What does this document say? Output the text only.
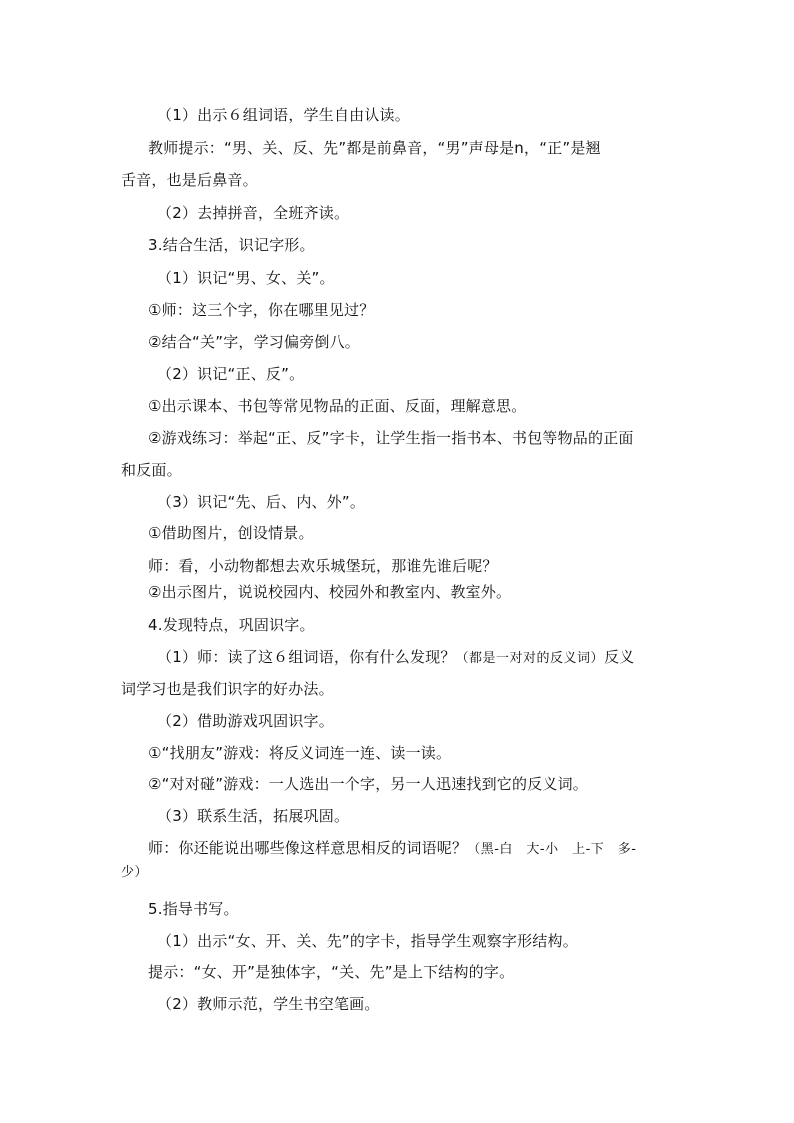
（1）出示６组词语，学生自由认读。
教师提示：“男、关、反、先”都是前鼻音，“男”声母是n，“正”是翘
舌音，也是后鼻音。
（2）去掉拼音，全班齐读。
3.结合生活，识记字形。
（1）识记“男、女、关”。
①师：这三个字，你在哪里见过？
②结合“关”字，学习偏旁倒八。
（2）识记“正、反”。
①出示课本、书包等常见物品的正面、反面，理解意思。
②游戏练习：举起“正、反”字卡，让学生指一指书本、书包等物品的正面
和反面。
（3）识记“先、后、内、外”。
①借助图片，创设情景。
师：看，小动物都想去欢乐城堡玩，那谁先谁后呢？
②出示图片，说说校园内、校园外和教室内、教室外。
4.发现特点，巩固识字。
（1）师：读了这６组词语，你有什么发现？（都是一对对的反义词）反义
词学习也是我们识字的好办法。
（2）借助游戏巩固识字。
①“找朋友”游戏：将反义词连一连、读一读。
②“对对碰”游戏：一人选出一个字，另一人迅速找到它的反义词。
（3）联系生活，拓展巩固。
师：你还能说出哪些像这样意思相反的词语呢？（黑-白　大-小　上-下　多-
少）
5.指导书写。
（1）出示“女、开、关、先”的字卡，指导学生观察字形结构。
提示：“女、开”是独体字，“关、先”是上下结构的字。
（2）教师示范，学生书空笔画。
